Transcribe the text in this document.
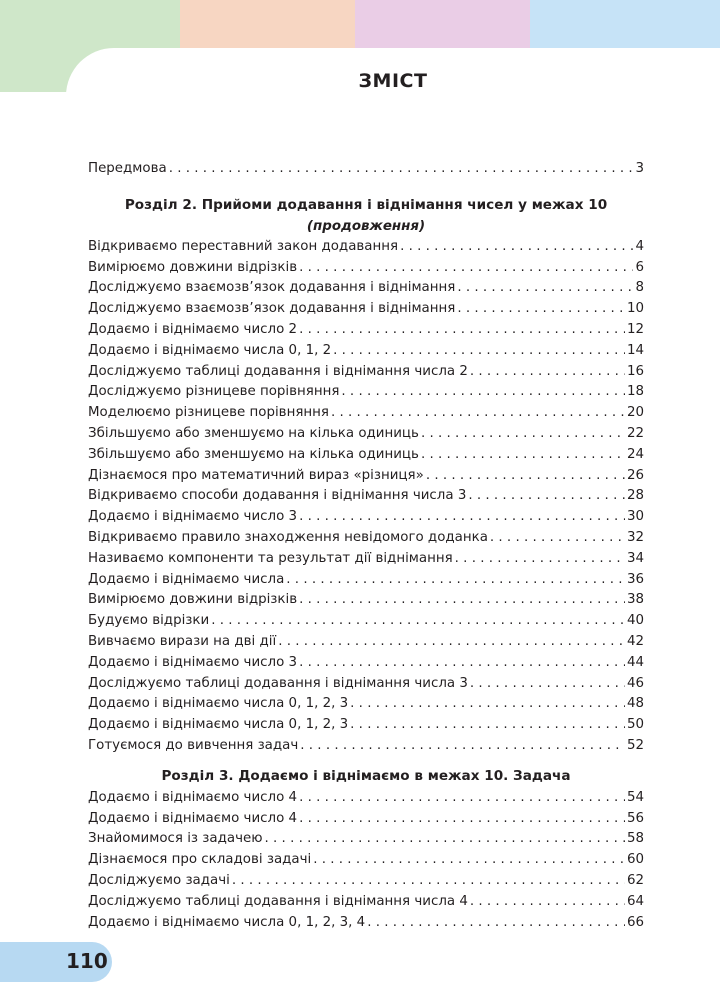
ЗМІСТ
Передмова . . .	3
Розділ 2. Прийоми додавання і віднімання чисел у межах 10
(продовження)
Відкриваємо переставний закон додавання . . .	4
Вимірюємо довжини відрізків . . .	6
Досліджуємо взаємозв’язок додавання і віднімання . . .	8
Досліджуємо взаємозв’язок додавання і віднімання . . .	10
Додаємо і віднімаємо число 2 . . .	12
Додаємо і віднімаємо числа 0, 1, 2 . . .	14
Досліджуємо таблиці додавання і віднімання числа 2 . . .	16
Досліджуємо різницеве порівняння . . .	18
Моделюємо різницеве порівняння . . .	20
Збільшуємо або зменшуємо на кілька одиниць . . .	22
Збільшуємо або зменшуємо на кілька одиниць . . .	24
Дізнаємося про математичний вираз «різниця» . . .	26
Відкриваємо способи додавання і віднімання числа 3 . . .	28
Додаємо і віднімаємо число 3 . . .	30
Відкриваємо правило знаходження невідомого доданка . . .	32
Називаємо компоненти та результат дії віднімання . . .	34
Додаємо і віднімаємо числа . . .	36
Вимірюємо довжини відрізків . . .	38
Будуємо відрізки . . .	40
Вивчаємо вирази на дві дії . . .	42
Додаємо і віднімаємо число 3 . . .	44
Досліджуємо таблиці додавання і віднімання числа 3 . . .	46
Додаємо і віднімаємо числа 0, 1, 2, 3 . . .	48
Додаємо і віднімаємо числа 0, 1, 2, 3 . . .	50
Готуємося до вивчення задач . . .	52
Розділ 3. Додаємо і віднімаємо в межах 10. Задача
Додаємо і віднімаємо число 4 . . .	54
Додаємо і віднімаємо число 4 . . .	56
Знайомимося із задачею . . .	58
Дізнаємося про складові задачі . . .	60
Досліджуємо задачі . . .	62
Досліджуємо таблиці додавання і віднімання числа 4 . . .	64
Додаємо і віднімаємо числа 0, 1, 2, 3, 4 . . .	66
110
